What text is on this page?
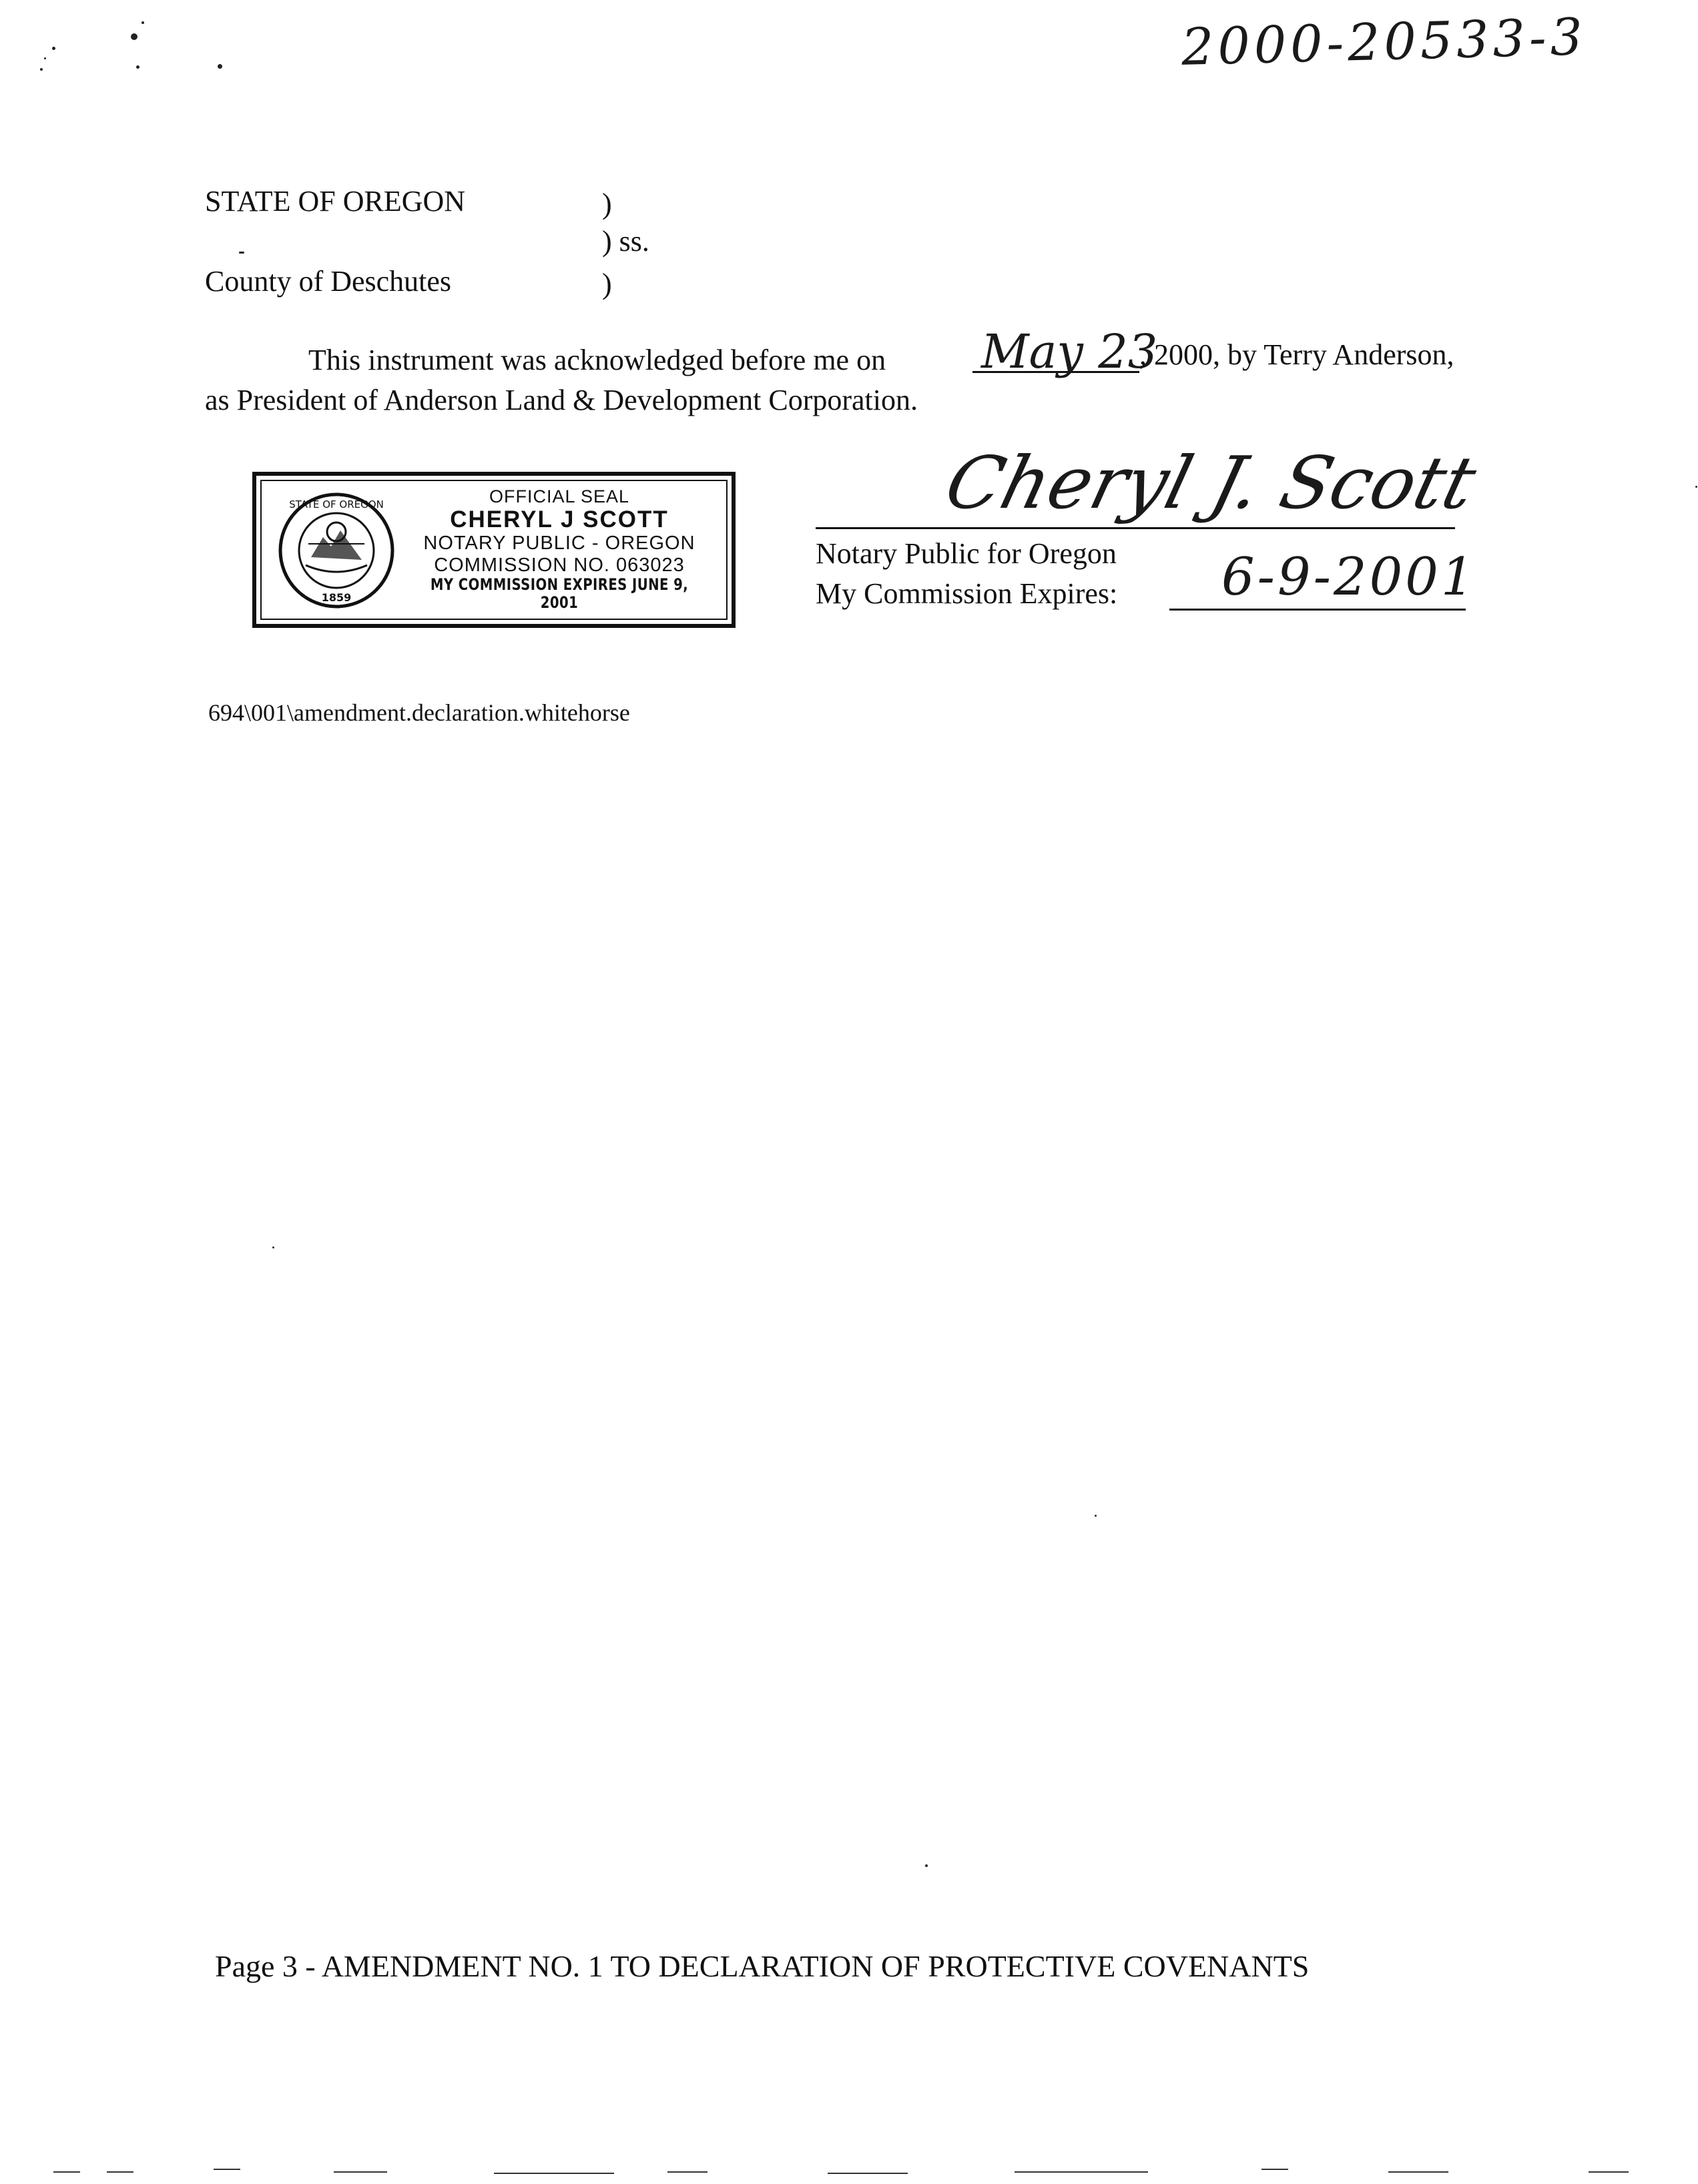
2000-20533-3
STATE OF OREGON	)
) ss.
County of Deschutes	)
This instrument was acknowledged before me on May 23
, 2000, by Terry Anderson,
as President of Anderson Land & Development Corporation.
STATE OF OREGON
1859
OFFICIAL SEAL
CHERYL J SCOTT
NOTARY PUBLIC - OREGON
COMMISSION NO. 063023
MY COMMISSION EXPIRES JUNE 9, 2001
Cheryl J. Scott
Notary Public for Oregon
My Commission Expires: 6-9-2001
694\001\amendment.declaration.whitehorse
Page 3 - AMENDMENT NO. 1 TO DECLARATION OF PROTECTIVE COVENANTS
